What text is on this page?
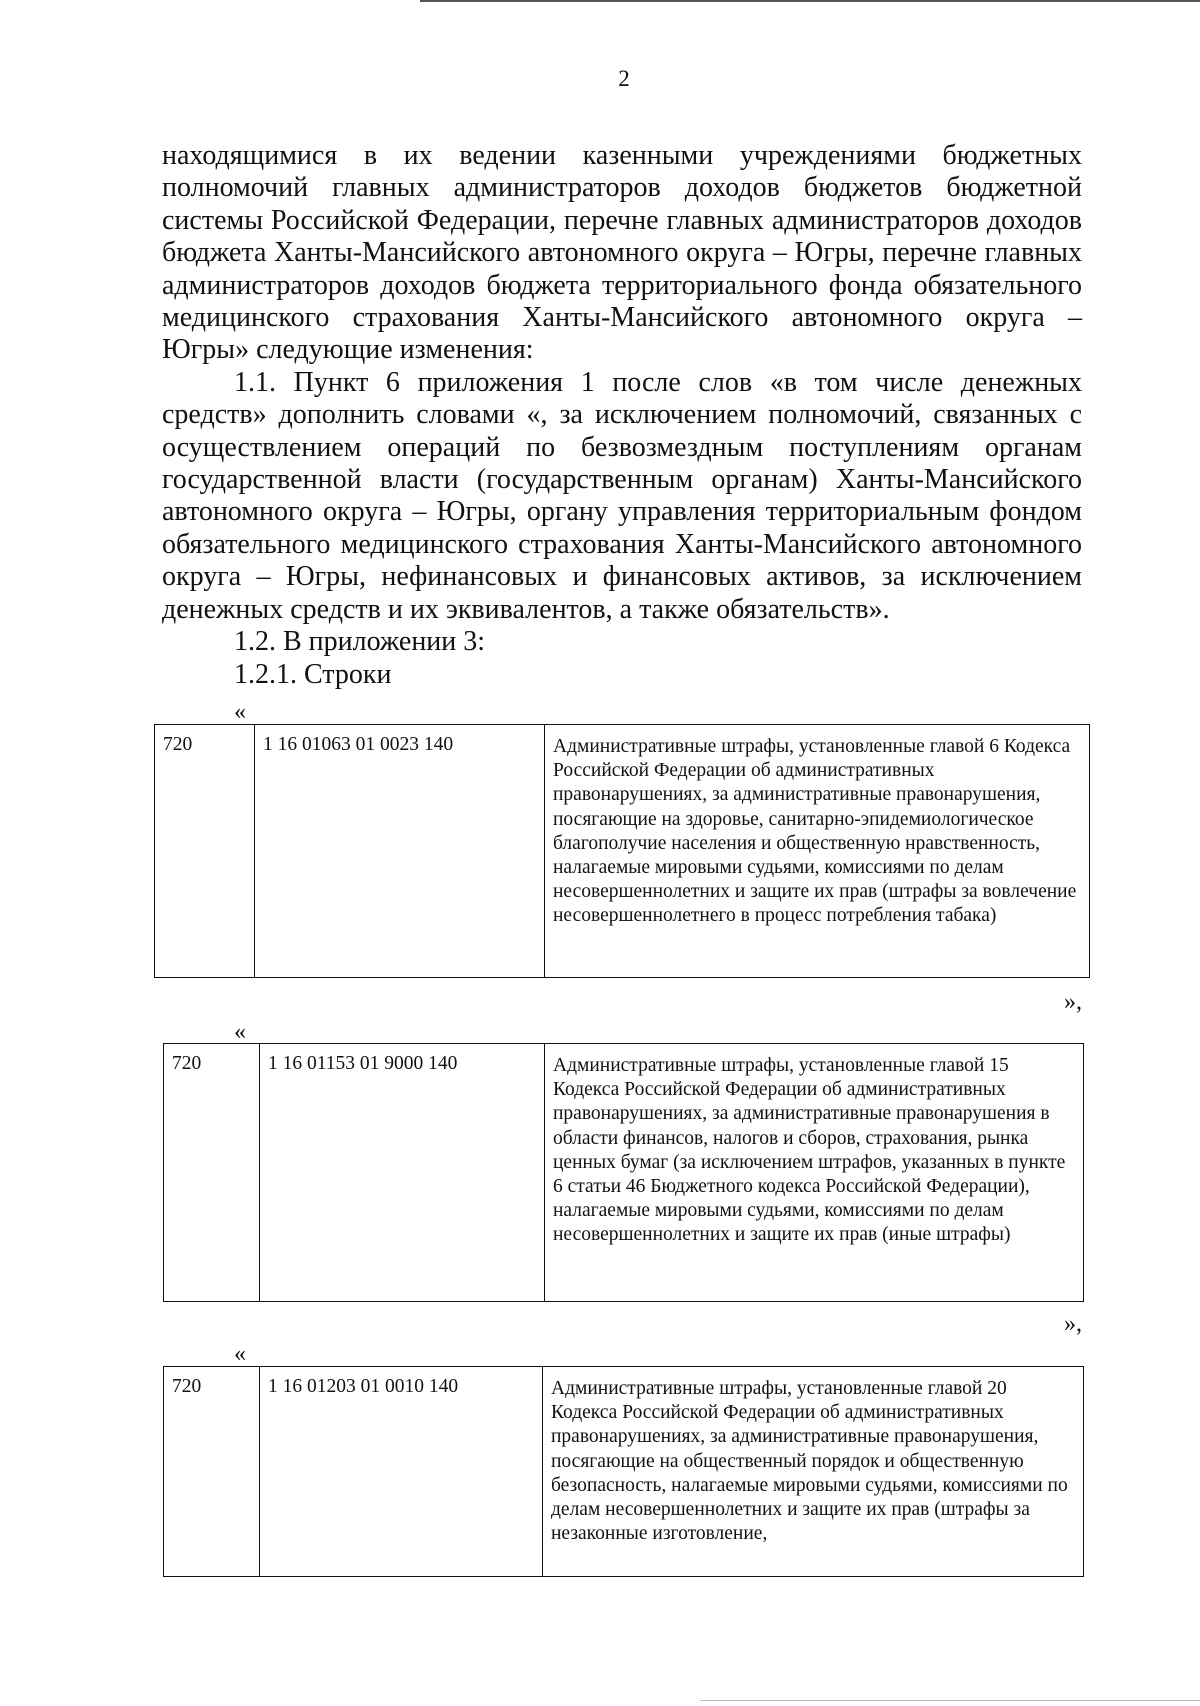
2

находящимися в их ведении казенными учреждениями бюджетных полномочий главных администраторов доходов бюджетов бюджетной системы Российской Федерации, перечне главных администраторов доходов бюджета Ханты-Мансийского автономного округа – Югры, перечне главных администраторов доходов бюджета территориального фонда обязательного медицинского страхования Ханты-Мансийского автономного округа – Югры» следующие изменения:

1.1. Пункт 6 приложения 1 после слов «в том числе денежных средств» дополнить словами «, за исключением полномочий, связанных с осуществлением операций по безвозмездным поступлениям органам государственной власти (государственным органам) Ханты-Мансийского автономного округа – Югры, органу управления территориальным фондом обязательного медицинского страхования Ханты-Мансийского автономного округа – Югры, нефинансовых и финансовых активов, за исключением денежных средств и их эквивалентов, а также обязательств».

1.2. В приложении 3:

1.2.1. Строки

«
720	1 16 01063 01 0023 140	Административные штрафы, установленные главой 6 Кодекса Российской Федерации об административных правонарушениях, за административные правонарушения, посягающие на здоровье, санитарно-эпидемиологическое благополучие населения и общественную нравственность, налагаемые мировыми судьями, комиссиями по делам несовершеннолетних и защите их прав (штрафы за вовлечение несовершеннолетнего в процесс потребления табака)
»,
«
720	1 16 01153 01 9000 140	Административные штрафы, установленные главой 15 Кодекса Российской Федерации об административных правонарушениях, за административные правонарушения в области финансов, налогов и сборов, страхования, рынка ценных бумаг (за исключением штрафов, указанных в пункте 6 статьи 46 Бюджетного кодекса Российской Федерации), налагаемые мировыми судьями, комиссиями по делам несовершеннолетних и защите их прав (иные штрафы)
»,
«
720	1 16 01203 01 0010 140	Административные штрафы, установленные главой 20 Кодекса Российской Федерации об административных правонарушениях, за административные правонарушения, посягающие на общественный порядок и общественную безопасность, налагаемые мировыми судьями, комиссиями по делам несовершеннолетних и защите их прав (штрафы за незаконные изготовление,
